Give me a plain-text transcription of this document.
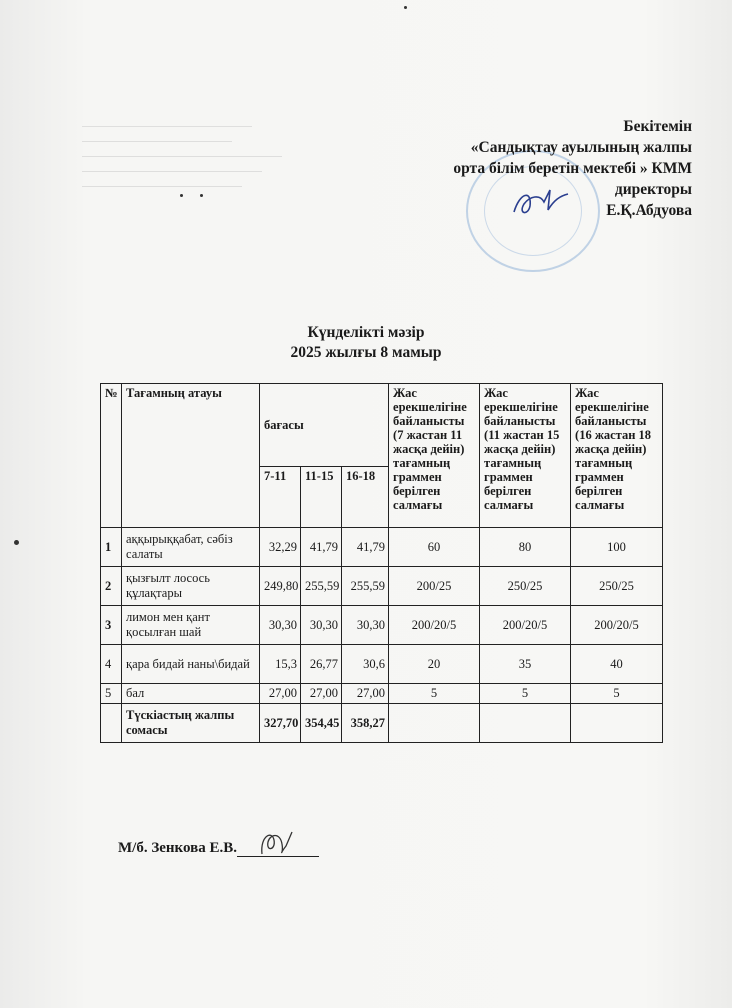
Бекітемін
«Сандықтау ауылының жалпы
орта білім беретін мектебі » КММ
директоры
Е.Қ.Абдуова
Күнделікті мәзір
2025 жылғы 8 мамыр
№	Тағамның атауы	бағасы			Жас ерекшелігіне байланысты (7 жастан 11 жасқа дейін) тағамның граммен берілген салмағы	Жас ерекшелігіне байланысты (11 жастан 15 жасқа дейін) тағамның граммен берілген салмағы	Жас ерекшелігіне байланысты (16 жастан 18 жасқа дейін) тағамның граммен берілген салмағы
		7-11	11-15	16-18			
1	аққырыққабат, сәбіз салаты	32,29	41,79	41,79	60	80	100
2	қызғылт лосось құлақтары	249,80	255,59	255,59	200/25	250/25	250/25
3	лимон мен қант қосылған шай	30,30	30,30	30,30	200/20/5	200/20/5	200/20/5
4	қара бидай наны\бидай	15,3	26,77	30,6	20	35	40
5	бал	27,00	27,00	27,00	5	5	5
	Түскіастың жалпы сомасы	327,70	354,45	358,27			
М/б. Зенкова Е.В.
